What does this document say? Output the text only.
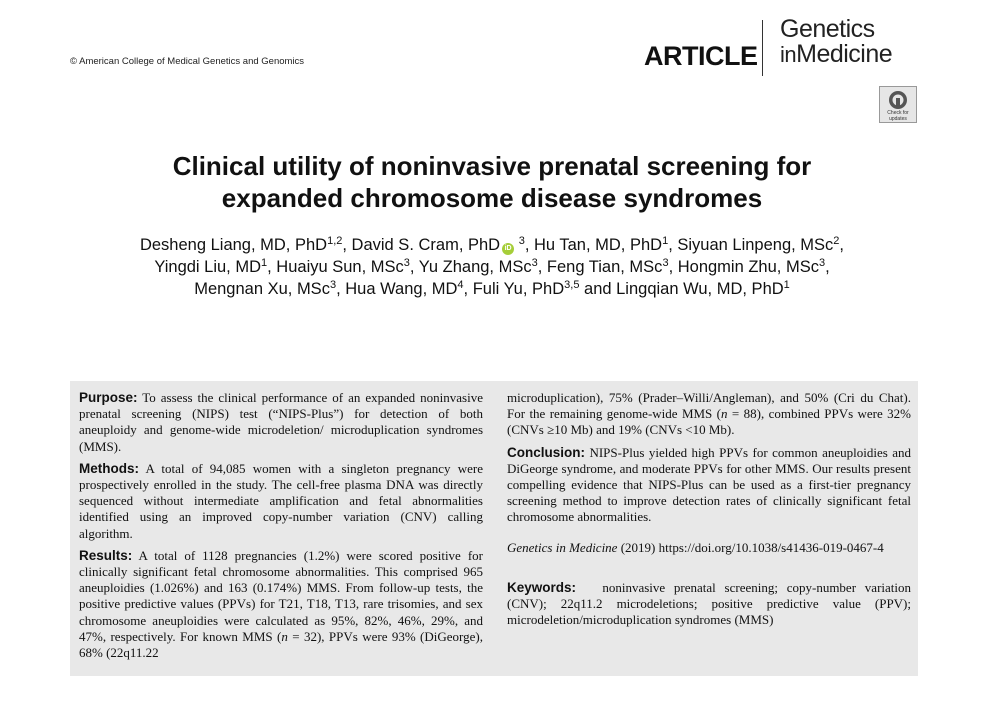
© American College of Medical Genetics and Genomics	ARTICLE
Genetics
inMedicine
Check for
updates
Clinical utility of noninvasive prenatal screening for
expanded chromosome disease syndromes
Desheng Liang, MD, PhD$^{1,2}$, David S. Cram, PhD iD $^3$, Hu Tan, MD, PhD$^1$, Siyuan Linpeng, MSc$^2$,
Yingdi Liu, $MD^1$, Huaiyu Sun, MSc$^3$, Yu Zhang, MSc$^3$, Feng Tian, MSc$^3$, Hongmin Zhu, MSc$^3$,
Mengnan Xu, MSc$^3$, Hua Wang, $MD^4$, Fuli Yu, PhD$^{3,5}$ and Lingqian Wu, MD, PhD$^1$

Purpose: To assess the clinical performance of an expanded noninvasive prenatal screening (NIPS) test (“NIPS-Plus”) for detection of both aneuploidy and genome-wide microdeletion/ microduplication syndromes (MMS).

Methods: A total of 94,085 women with a singleton pregnancy were prospectively enrolled in the study. The cell-free plasma DNA was directly sequenced without intermediate amplification and fetal abnormalities identified using an improved copy-number variation (CNV) calling algorithm.

Results: A total of 1128 pregnancies (1.2%) were scored positive for clinically significant fetal chromosome abnormalities. This comprised 965 aneuploidies (1.026%) and 163 (0.174%) MMS. From follow-up tests, the positive predictive values (PPVs) for T21, T18, T13, rare trisomies, and sex chromosome aneuploidies were calculated as 95%, 82%, 46%, 29%, and 47%, respectively. For known MMS (n = 32), PPVs were 93% (DiGeorge), 68% (22q11.22

microduplication), 75% (Prader–Willi/Angleman), and 50% (Cri du Chat). For the remaining genome-wide MMS (n = 88), combined PPVs were 32% (CNVs ≥10 Mb) and 19% (CNVs <10 Mb).

Conclusion: NIPS-Plus yielded high PPVs for common aneuploidies and DiGeorge syndrome, and moderate PPVs for other MMS. Our results present compelling evidence that NIPS-Plus can be used as a first-tier pregnancy screening method to improve detection rates of clinically significant fetal chromosome abnormalities.

Genetics in Medicine (2019) https://doi.org/10.1038/s41436-019-0467-4

Keywords: noninvasive prenatal screening; copy-number variation (CNV); 22q11.2 microdeletions; positive predictive value (PPV); microdeletion/microduplication syndromes (MMS)
